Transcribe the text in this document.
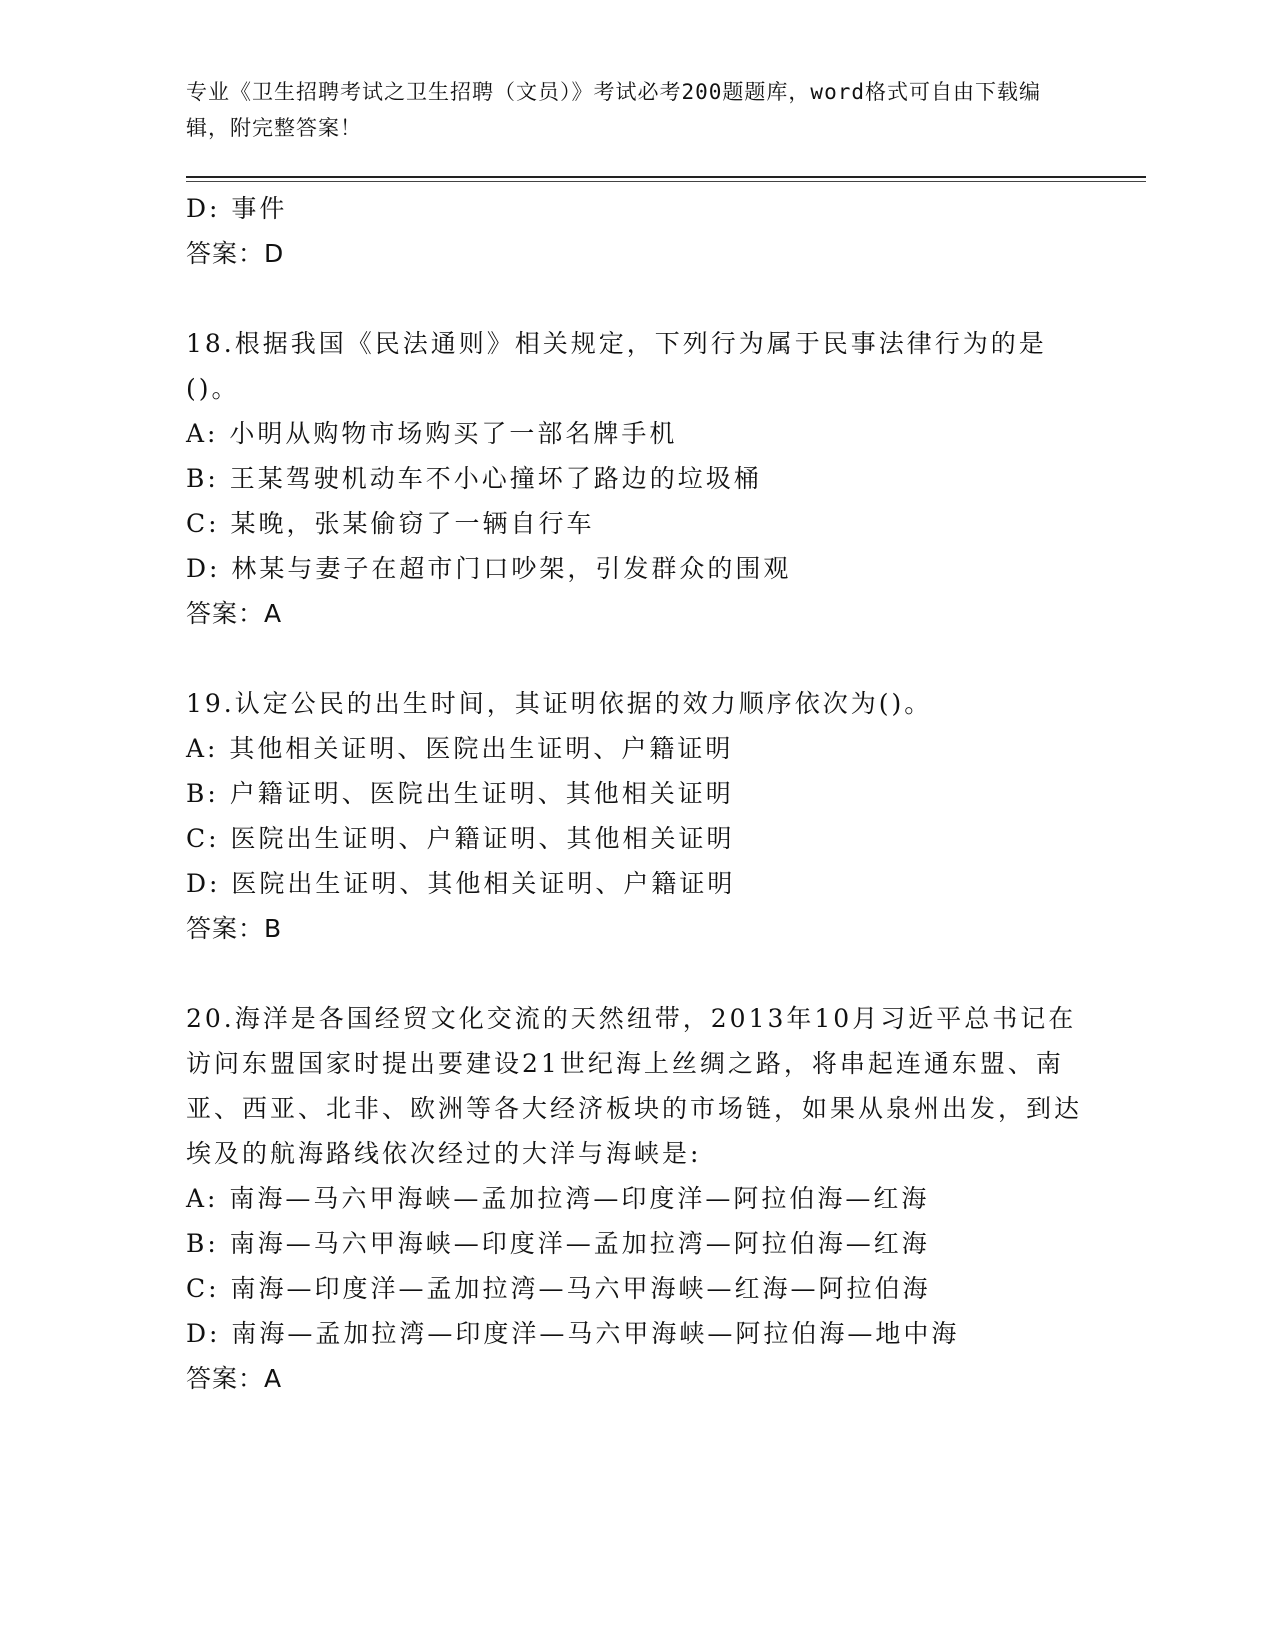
专业《卫生招聘考试之卫生招聘（文员）》考试必考200题题库，word格式可自由下载编辑，附完整答案！
D: 事件
答案：D
18.根据我国《民法通则》相关规定，下列行为属于民事法律行为的是()。
A: 小明从购物市场购买了一部名牌手机
B: 王某驾驶机动车不小心撞坏了路边的垃圾桶
C: 某晚，张某偷窃了一辆自行车
D: 林某与妻子在超市门口吵架，引发群众的围观
答案：A
19.认定公民的出生时间，其证明依据的效力顺序依次为()。
A: 其他相关证明、医院出生证明、户籍证明
B: 户籍证明、医院出生证明、其他相关证明
C: 医院出生证明、户籍证明、其他相关证明
D: 医院出生证明、其他相关证明、户籍证明
答案：B
20.海洋是各国经贸文化交流的天然纽带，2013年10月习近平总书记在访问东盟国家时提出要建设21世纪海上丝绸之路，将串起连通东盟、南亚、西亚、北非、欧洲等各大经济板块的市场链，如果从泉州出发，到达埃及的航海路线依次经过的大洋与海峡是:
A: 南海—马六甲海峡—孟加拉湾—印度洋—阿拉伯海—红海
B: 南海—马六甲海峡—印度洋—孟加拉湾—阿拉伯海—红海
C: 南海—印度洋—孟加拉湾—马六甲海峡—红海—阿拉伯海
D: 南海—孟加拉湾—印度洋—马六甲海峡—阿拉伯海—地中海
答案：A
